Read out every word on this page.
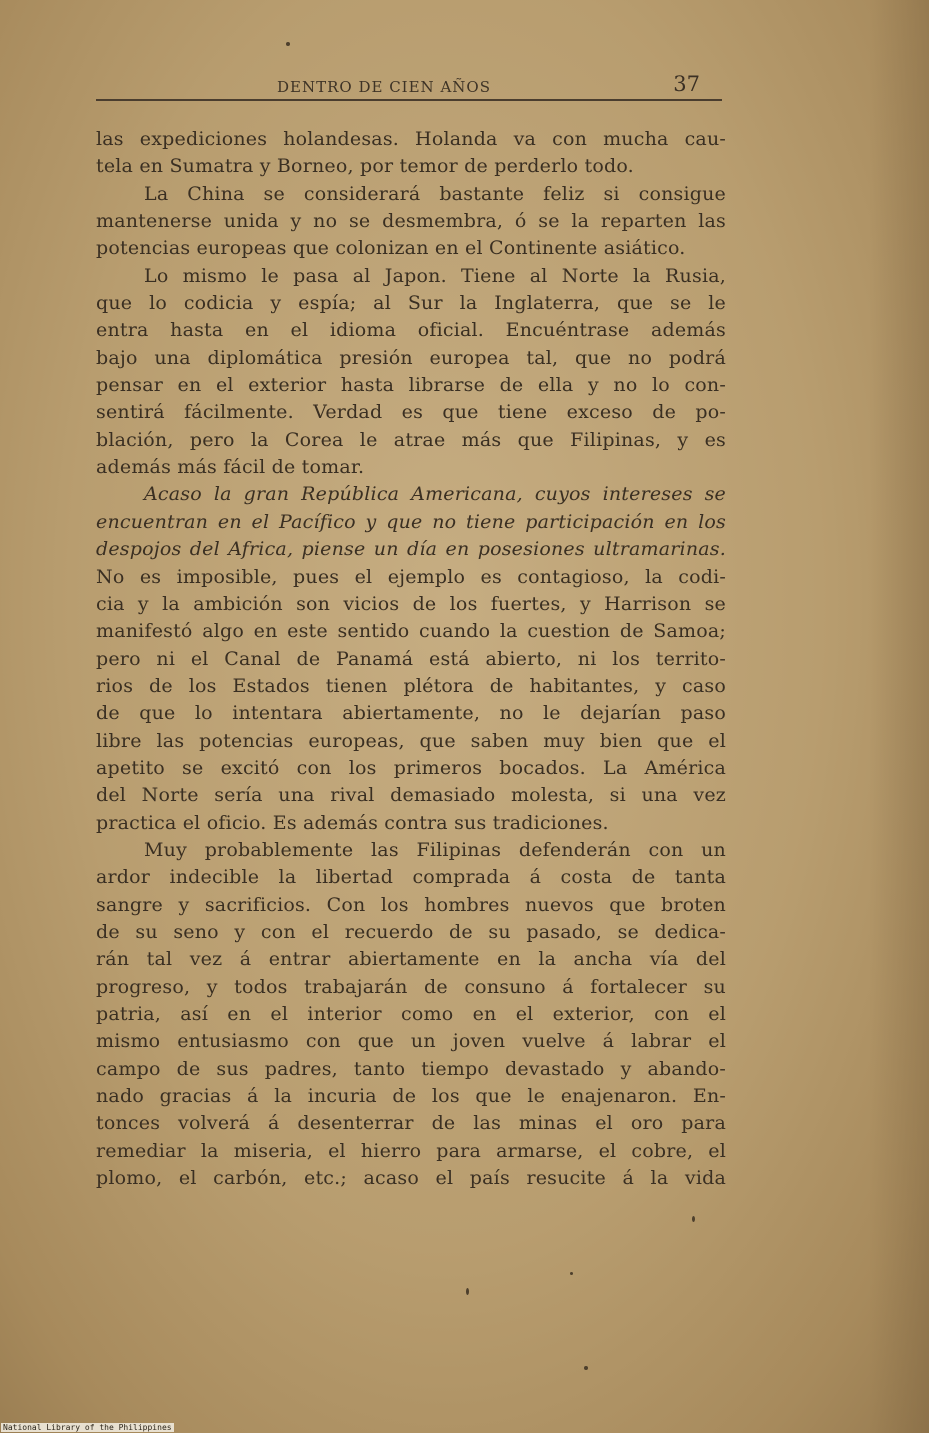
DENTRO DE CIEN AÑOS	37
las expediciones holandesas. Holanda va con mucha cau-
tela en Sumatra y Borneo, por temor de perderlo todo.
La China se considerará bastante feliz si consigue
mantenerse unida y no se desmembra, ó se la reparten las
potencias europeas que colonizan en el Continente asiático.
Lo mismo le pasa al Japon. Tiene al Norte la Rusia,
que lo codicia y espía; al Sur la Inglaterra, que se le
entra hasta en el idioma oficial. Encuéntrase además
bajo una diplomática presión europea tal, que no podrá
pensar en el exterior hasta librarse de ella y no lo con-
sentirá fácilmente. Verdad es que tiene exceso de po-
blación, pero la Corea le atrae más que Filipinas, y es
además más fácil de tomar.
Acaso la gran República Americana, cuyos intereses se
encuentran en el Pacífico y que no tiene participación en los
despojos del Africa, piense un día en posesiones ultramarinas.
No es imposible, pues el ejemplo es contagioso, la codi-
cia y la ambición son vicios de los fuertes, y Harrison se
manifestó algo en este sentido cuando la cuestion de Samoa;
pero ni el Canal de Panamá está abierto, ni los territo-
rios de los Estados tienen plétora de habitantes, y caso
de que lo intentara abiertamente, no le dejarían paso
libre las potencias europeas, que saben muy bien que el
apetito se excitó con los primeros bocados. La América
del Norte sería una rival demasiado molesta, si una vez
practica el oficio. Es además contra sus tradiciones.
Muy probablemente las Filipinas defenderán con un
ardor indecible la libertad comprada á costa de tanta
sangre y sacrificios. Con los hombres nuevos que broten
de su seno y con el recuerdo de su pasado, se dedica-
rán tal vez á entrar abiertamente en la ancha vía del
progreso, y todos trabajarán de consuno á fortalecer su
patria, así en el interior como en el exterior, con el
mismo entusiasmo con que un joven vuelve á labrar el
campo de sus padres, tanto tiempo devastado y abando-
nado gracias á la incuria de los que le enajenaron. En-
tonces volverá á desenterrar de las minas el oro para
remediar la miseria, el hierro para armarse, el cobre, el
plomo, el carbón, etc.; acaso el país resucite á la vida
National Library of the Philippines
